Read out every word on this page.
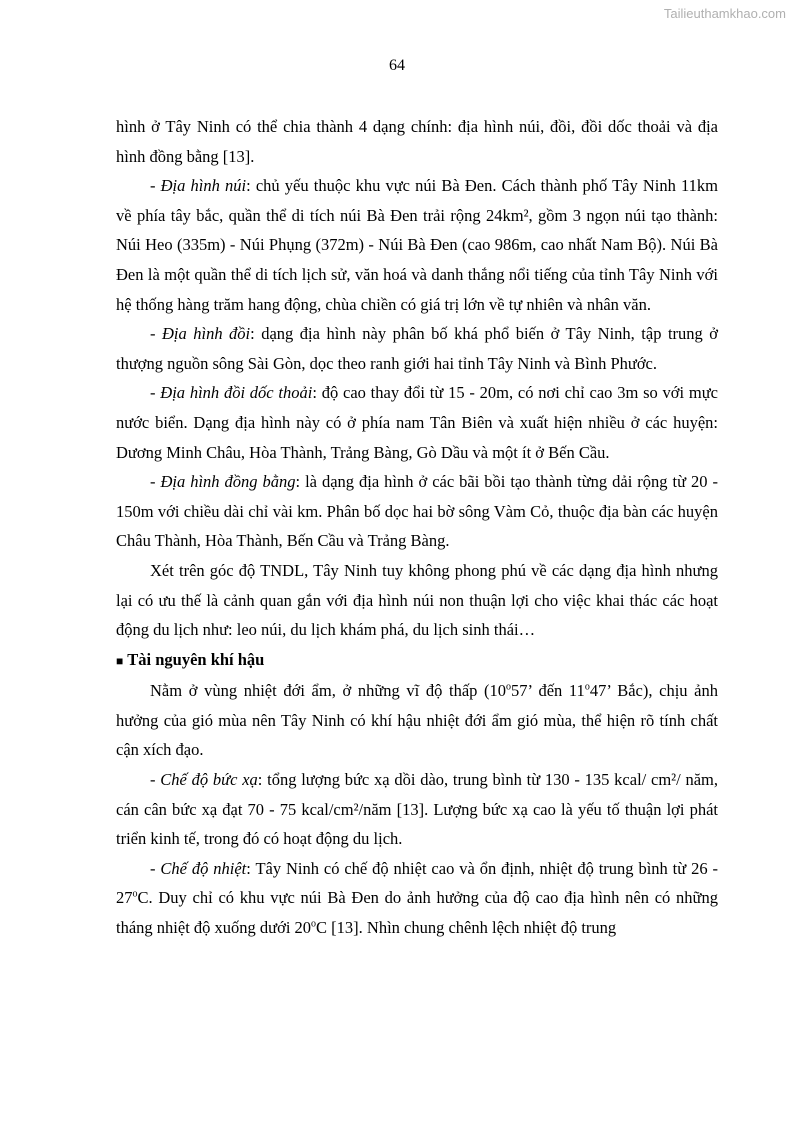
Tailieuthamkhao.com
64

hình ở Tây Ninh có thể chia thành 4 dạng chính: địa hình núi, đồi, đồi dốc thoải và địa hình đồng bằng [13].

- Địa hình núi: chủ yếu thuộc khu vực núi Bà Đen. Cách thành phố Tây Ninh 11km về phía tây bắc, quần thể di tích núi Bà Đen trải rộng 24km², gồm 3 ngọn núi tạo thành: Núi Heo (335m) - Núi Phụng (372m) - Núi Bà Đen (cao 986m, cao nhất Nam Bộ). Núi Bà Đen là một quần thể di tích lịch sử, văn hoá và danh thắng nổi tiếng của tỉnh Tây Ninh với hệ thống hàng trăm hang động, chùa chiền có giá trị lớn về tự nhiên và nhân văn.

- Địa hình đồi: dạng địa hình này phân bố khá phổ biến ở Tây Ninh, tập trung ở thượng nguồn sông Sài Gòn, dọc theo ranh giới hai tỉnh Tây Ninh và Bình Phước.

- Địa hình đồi dốc thoải: độ cao thay đổi từ 15 - 20m, có nơi chỉ cao 3m so với mực nước biển. Dạng địa hình này có ở phía nam Tân Biên và xuất hiện nhiều ở các huyện: Dương Minh Châu, Hòa Thành, Trảng Bàng, Gò Dầu và một ít ở Bến Cầu.

- Địa hình đồng bằng: là dạng địa hình ở các bãi bồi tạo thành từng dải rộng từ 20 - 150m với chiều dài chỉ vài km. Phân bố dọc hai bờ sông Vàm Cỏ, thuộc địa bàn các huyện Châu Thành, Hòa Thành, Bến Cầu và Trảng Bàng.

Xét trên góc độ TNDL, Tây Ninh tuy không phong phú về các dạng địa hình nhưng lại có ưu thế là cảnh quan gắn với địa hình núi non thuận lợi cho việc khai thác các hoạt động du lịch như: leo núi, du lịch khám phá, du lịch sinh thái…

■ Tài nguyên khí hậu

Nằm ở vùng nhiệt đới ẩm, ở những vĩ độ thấp (10$^o$57’ đến 11$^o$47’ Bắc), chịu ảnh hưởng của gió mùa nên Tây Ninh có khí hậu nhiệt đới ẩm gió mùa, thể hiện rõ tính chất cận xích đạo.

- Chế độ bức xạ: tổng lượng bức xạ dồi dào, trung bình từ 130 - 135 kcal/ cm²/ năm, cán cân bức xạ đạt 70 - 75 kcal/cm²/năm [13]. Lượng bức xạ cao là yếu tố thuận lợi phát triển kinh tế, trong đó có hoạt động du lịch.

- Chế độ nhiệt: Tây Ninh có chế độ nhiệt cao và ổn định, nhiệt độ trung bình từ 26 - 27$^o$C. Duy chỉ có khu vực núi Bà Đen do ảnh hưởng của độ cao địa hình nên có những tháng nhiệt độ xuống dưới 20$^o$C [13]. Nhìn chung chênh lệch nhiệt độ trung
